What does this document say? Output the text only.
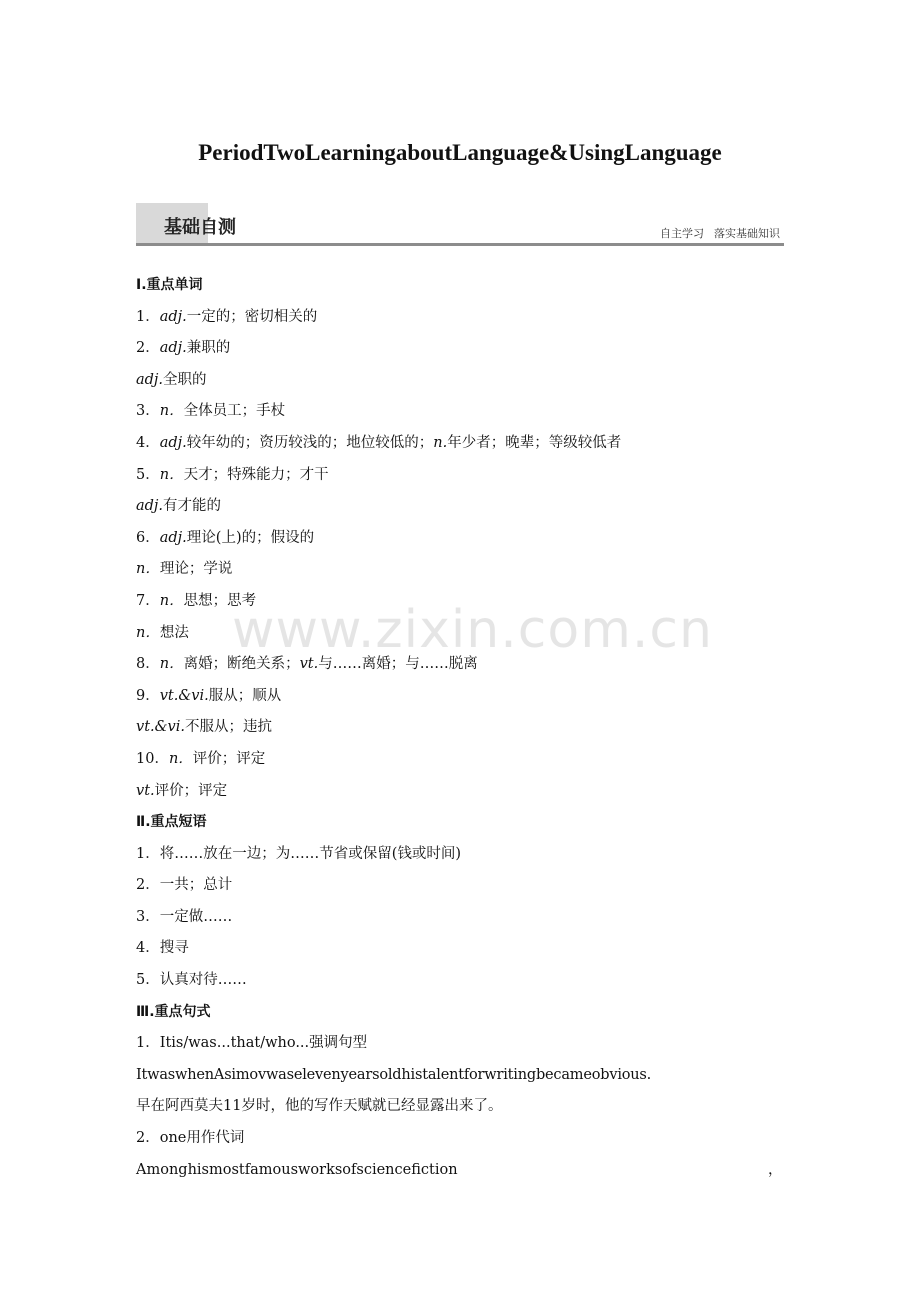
PeriodTwoLearningaboutLanguage&UsingLanguage
基础自测	自主学习 落实基础知识
www.zixin.com.cn
Ⅰ.重点单词
1．adj.一定的；密切相关的
2．adj.兼职的
adj.全职的
3．n．全体员工；手杖
4．adj.较年幼的；资历较浅的；地位较低的；n.年少者；晚辈；等级较低者
5．n．天才；特殊能力；才干
adj.有才能的
6．adj.理论(上)的；假设的
n．理论；学说
7．n．思想；思考
n．想法
8．n．离婚；断绝关系；vt.与……离婚；与……脱离
9．vt.&vi.服从；顺从
vt.&vi.不服从；违抗
10．n．评价；评定
vt.评价；评定
Ⅱ.重点短语
1．将……放在一边；为……节省或保留(钱或时间)
2．一共；总计
3．一定做……
4．搜寻
5．认真对待……
Ⅲ.重点句式
1．Itis/was...that/who...强调句型
ItwaswhenAsimovwaselevenyearsoldhistalentforwritingbecameobvious.
早在阿西莫夫11岁时，他的写作天赋就已经显露出来了。
2．one用作代词
Amonghismostfamousworksofsciencefiction	，
